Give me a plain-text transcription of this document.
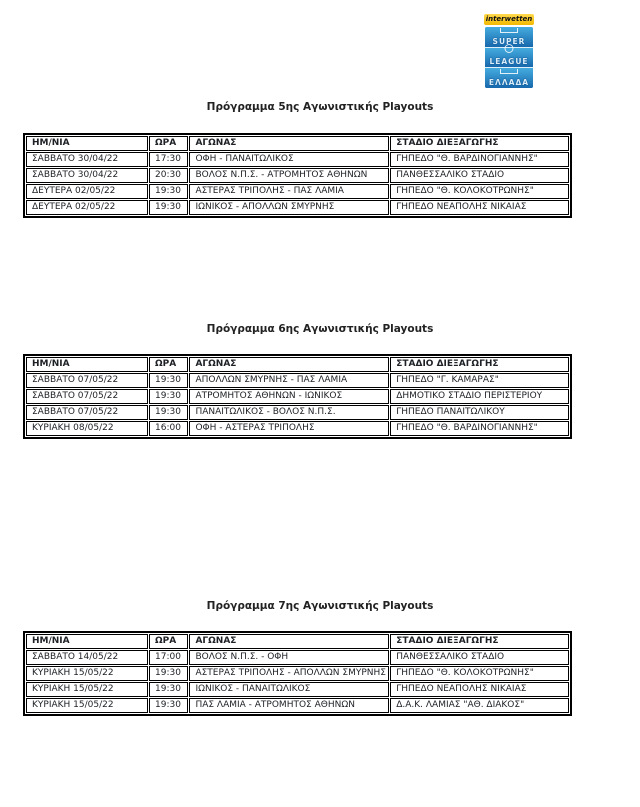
interwetten
SUPER
LEAGUE
ΕΛΛΑΔΑ
Πρόγραμμα 5ης Αγωνιστικής Playouts
ΗΜ/ΝΙΑ	ΩΡΑ	ΑΓΩΝΑΣ	ΣΤΑΔΙΟ ΔΙΕΞΑΓΩΓΗΣ
ΣΑΒΒΑΤΟ 30/04/22	17:30	ΟΦΗ - ΠΑΝΑΙΤΩΛΙΚΟΣ	ΓΗΠΕΔΟ "Θ. ΒΑΡΔΙΝΟΓΙΑΝΝΗΣ"
ΣΑΒΒΑΤΟ 30/04/22	20:30	ΒΟΛΟΣ Ν.Π.Σ. - ΑΤΡΟΜΗΤΟΣ ΑΘΗΝΩΝ	ΠΑΝΘΕΣΣΑΛΙΚΟ ΣΤΑΔΙΟ
ΔΕΥΤΕΡΑ 02/05/22	19:30	ΑΣΤΕΡΑΣ ΤΡΙΠΟΛΗΣ - ΠΑΣ ΛΑΜΙΑ	ΓΗΠΕΔΟ "Θ. ΚΟΛΟΚΟΤΡΩΝΗΣ"
ΔΕΥΤΕΡΑ 02/05/22	19:30	ΙΩΝΙΚΟΣ - ΑΠΟΛΛΩΝ ΣΜΥΡΝΗΣ	ΓΗΠΕΔΟ ΝΕΑΠΟΛΗΣ ΝΙΚΑΙΑΣ
Πρόγραμμα 6ης Αγωνιστικής Playouts
ΗΜ/ΝΙΑ	ΩΡΑ	ΑΓΩΝΑΣ	ΣΤΑΔΙΟ ΔΙΕΞΑΓΩΓΗΣ
ΣΑΒΒΑΤΟ 07/05/22	19:30	ΑΠΟΛΛΩΝ ΣΜΥΡΝΗΣ - ΠΑΣ ΛΑΜΙΑ	ΓΗΠΕΔΟ "Γ. ΚΑΜΑΡΑΣ"
ΣΑΒΒΑΤΟ 07/05/22	19:30	ΑΤΡΟΜΗΤΟΣ ΑΘΗΝΩΝ - ΙΩΝΙΚΟΣ	ΔΗΜΟΤΙΚΟ ΣΤΑΔΙΟ ΠΕΡΙΣΤΕΡΙΟΥ
ΣΑΒΒΑΤΟ 07/05/22	19:30	ΠΑΝΑΙΤΩΛΙΚΟΣ - ΒΟΛΟΣ Ν.Π.Σ.	ΓΗΠΕΔΟ ΠΑΝΑΙΤΩΛΙΚΟΥ
ΚΥΡΙΑΚΗ 08/05/22	16:00	ΟΦΗ - ΑΣΤΕΡΑΣ ΤΡΙΠΟΛΗΣ	ΓΗΠΕΔΟ "Θ. ΒΑΡΔΙΝΟΓΙΑΝΝΗΣ"
Πρόγραμμα 7ης Αγωνιστικής Playouts
ΗΜ/ΝΙΑ	ΩΡΑ	ΑΓΩΝΑΣ	ΣΤΑΔΙΟ ΔΙΕΞΑΓΩΓΗΣ
ΣΑΒΒΑΤΟ 14/05/22	17:00	ΒΟΛΟΣ Ν.Π.Σ. - ΟΦΗ	ΠΑΝΘΕΣΣΑΛΙΚΟ ΣΤΑΔΙΟ
ΚΥΡΙΑΚΗ 15/05/22	19:30	ΑΣΤΕΡΑΣ ΤΡΙΠΟΛΗΣ - ΑΠΟΛΛΩΝ ΣΜΥΡΝΗΣ	ΓΗΠΕΔΟ "Θ. ΚΟΛΟΚΟΤΡΩΝΗΣ"
ΚΥΡΙΑΚΗ 15/05/22	19:30	ΙΩΝΙΚΟΣ - ΠΑΝΑΙΤΩΛΙΚΟΣ	ΓΗΠΕΔΟ ΝΕΑΠΟΛΗΣ ΝΙΚΑΙΑΣ
ΚΥΡΙΑΚΗ 15/05/22	19:30	ΠΑΣ ΛΑΜΙΑ - ΑΤΡΟΜΗΤΟΣ ΑΘΗΝΩΝ	Δ.Α.Κ. ΛΑΜΙΑΣ "ΑΘ. ΔΙΑΚΟΣ"
